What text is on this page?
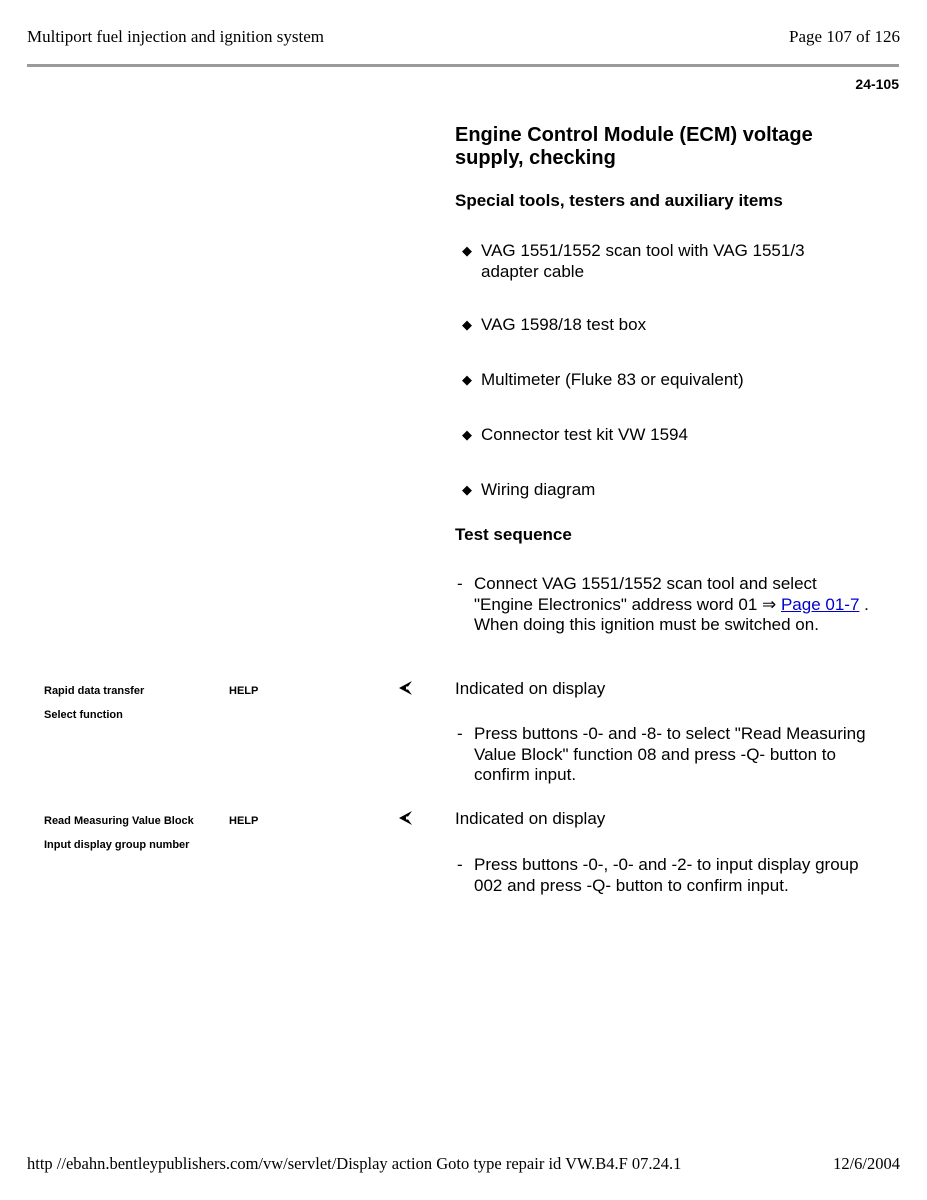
Multiport fuel injection and ignition system	Page 107 of 126
24-105
Engine Control Module (ECM) voltage supply, checking
Special tools, testers and auxiliary items
◆ VAG 1551/1552 scan tool with VAG 1551/3 adapter cable
◆ VAG 1598/18 test box
◆ Multimeter (Fluke 83 or equivalent)
◆ Connector test kit VW 1594
◆ Wiring diagram
Test sequence
- Connect VAG 1551/1552 scan tool and select "Engine Electronics" address word 01 ⇒ Page 01-7 . When doing this ignition must be switched on.
Indicated on display
Rapid data transfer	HELP
Select function
- Press buttons -0- and -8- to select "Read Measuring Value Block" function 08 and press -Q- button to confirm input.
Indicated on display
Read Measuring Value Block	HELP
Input display group number
- Press buttons -0-, -0- and -2- to input display group 002 and press -Q- button to confirm input.
http //ebahn.bentleypublishers.com/vw/servlet/Display action Goto type repair id VW.B4.F 07.24.1	12/6/2004
